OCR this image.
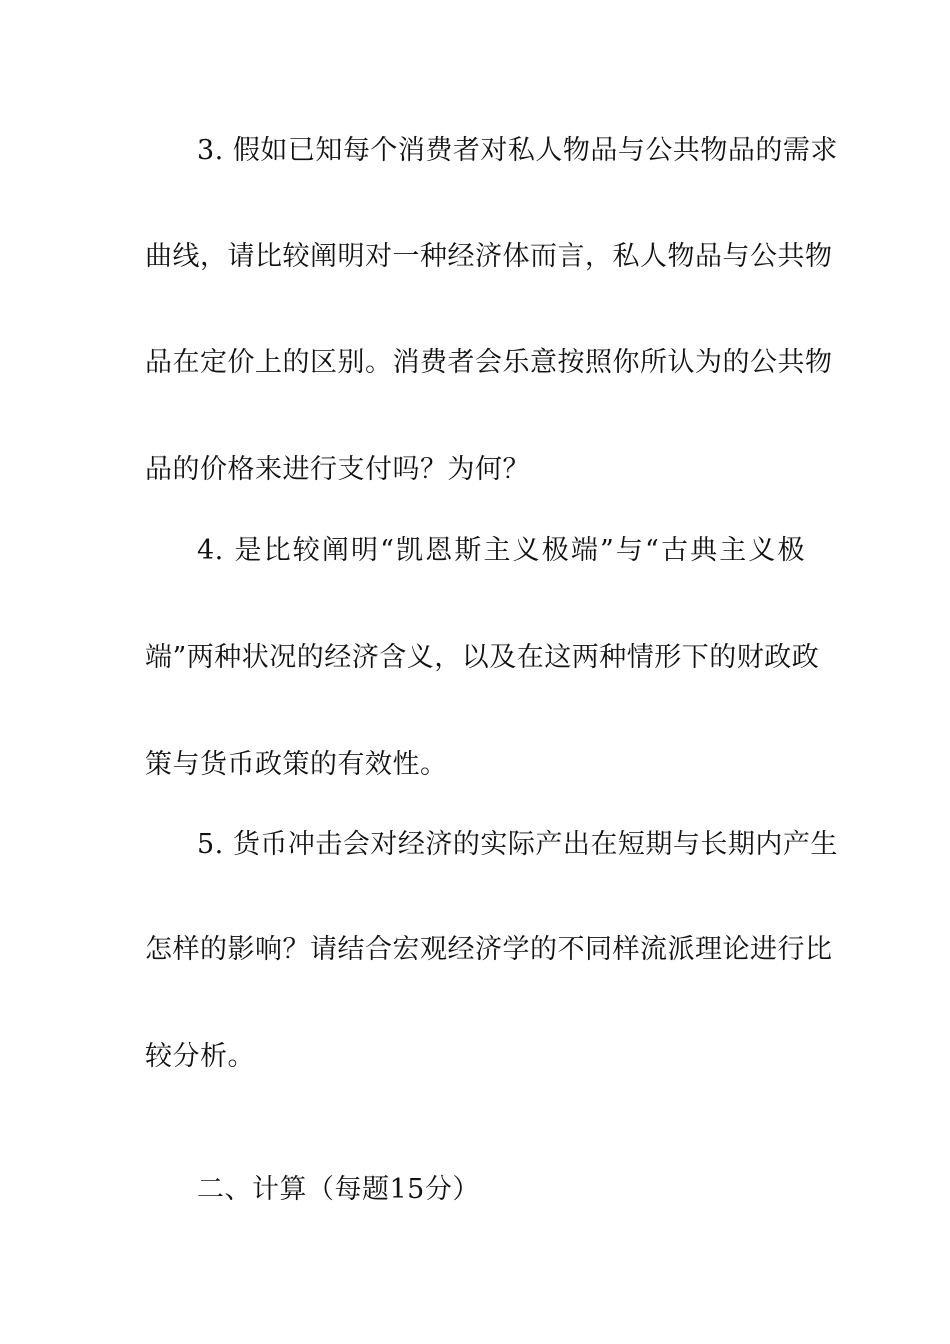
3. 假如已知每个消费者对私人物品与公共物品的需求
曲线，请比较阐明对一种经济体而言，私人物品与公共物
品在定价上的区别。消费者会乐意按照你所认为的公共物
品的价格来进行支付吗？为何？
4. 是比较阐明“凯恩斯主义极端”与“古典主义极
端”两种状况的经济含义，以及在这两种情形下的财政政
策与货币政策的有效性。
5. 货币冲击会对经济的实际产出在短期与长期内产生
怎样的影响？请结合宏观经济学的不同样流派理论进行比
较分析。
二、计算（每题15分）
